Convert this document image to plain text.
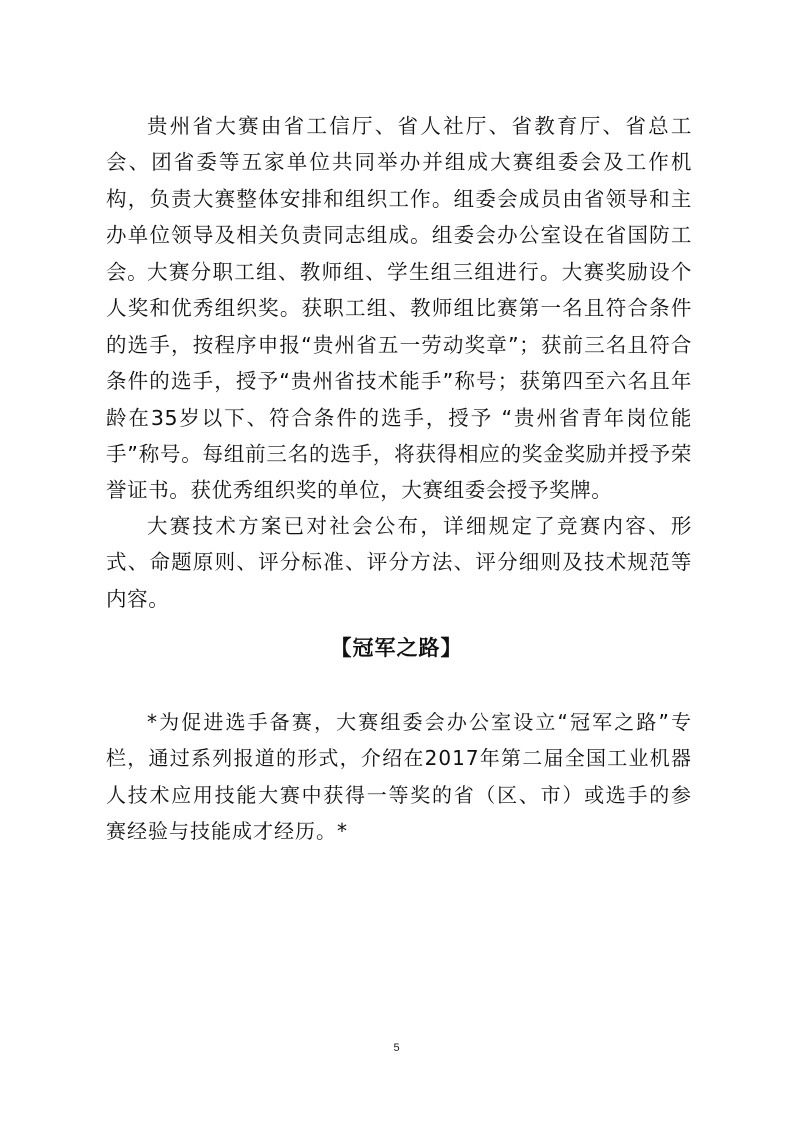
贵州省大赛由省工信厅、省人社厅、省教育厅、省总工会、团省委等五家单位共同举办并组成大赛组委会及工作机构，负责大赛整体安排和组织工作。组委会成员由省领导和主办单位领导及相关负责同志组成。组委会办公室设在省国防工会。

大赛分职工组、教师组、学生组三组进行。大赛奖励设个人奖和优秀组织奖。获职工组、教师组比赛第一名且符合条件的选手，按程序申报“贵州省五一劳动奖章”；获前三名且符合条件的选手，授予“贵州省技术能手”称号；获第四至六名且年龄在35岁以下、符合条件的选手，授予 “贵州省青年岗位能手”称号。每组前三名的选手，将获得相应的奖金奖励并授予荣誉证书。获优秀组织奖的单位，大赛组委会授予奖牌。

大赛技术方案已对社会公布，详细规定了竞赛内容、形式、命题原则、评分标准、评分方法、评分细则及技术规范等内容。

【冠军之路】

*为促进选手备赛，大赛组委会办公室设立“冠军之路”专栏，通过系列报道的形式，介绍在2017年第二届全国工业机器人技术应用技能大赛中获得一等奖的省（区、市）或选手的参赛经验与技能成才经历。*

5
